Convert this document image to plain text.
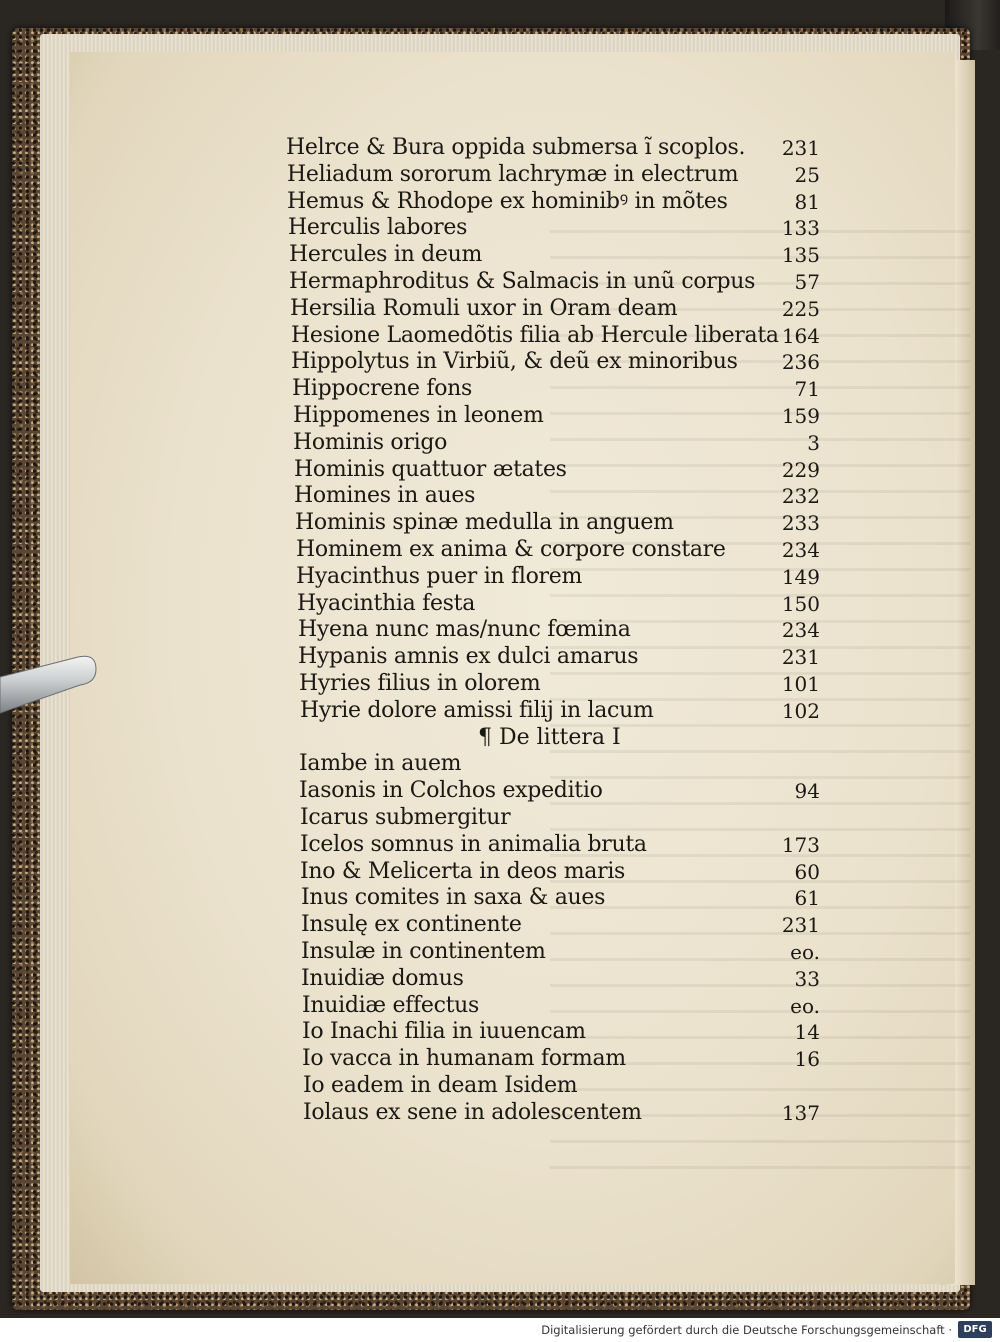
¶ De littera I
Helrce & Bura oppida submersa ĩ scoplos.	231
Heliadum sororum lachrymæ in electrum	25
Hemus & Rhodope ex hominibꝰ in mõtes	81
Herculis labores	133
Hercules in deum	135
Hermaphroditus & Salmacis in unũ corpus	57
Hersilia Romuli uxor in Oram deam	225
Hesione Laomedõtis filia ab Hercule liberata 164
Hippolytus in Virbiũ, & deũ ex minoribus	236
Hippocrene fons	71
Hippomenes in leonem	159
Hominis origo	3
Hominis quattuor ætates	229
Homines in aues	232
Hominis spinæ medulla in anguem	233
Hominem ex anima & corpore constare	234
Hyacinthus puer in florem	149
Hyacinthia festa	150
Hyena nunc mas/nunc fœmina	234
Hypanis amnis ex dulci amarus	231
Hyries filius in olorem	101
Hyrie dolore amissi filij in lacum	102
Iambe in auem
Iasonis in Colchos expeditio	94
Icarus submergitur
Icelos somnus in animalia bruta	173
Ino & Melicerta in deos maris	60
Inus comites in saxa & aues	61
Insulę ex continente	231
Insulæ in continentem	eo.
Inuidiæ domus	33
Inuidiæ effectus	eo.
Io Inachi filia in iuuencam	14
Io vacca in humanam formam	16
Io eadem in deam Isidem
Iolaus ex sene in adolescentem	137
Digitalisierung gefördert durch die Deutsche Forschungsgemeinschaft ·	DFG
